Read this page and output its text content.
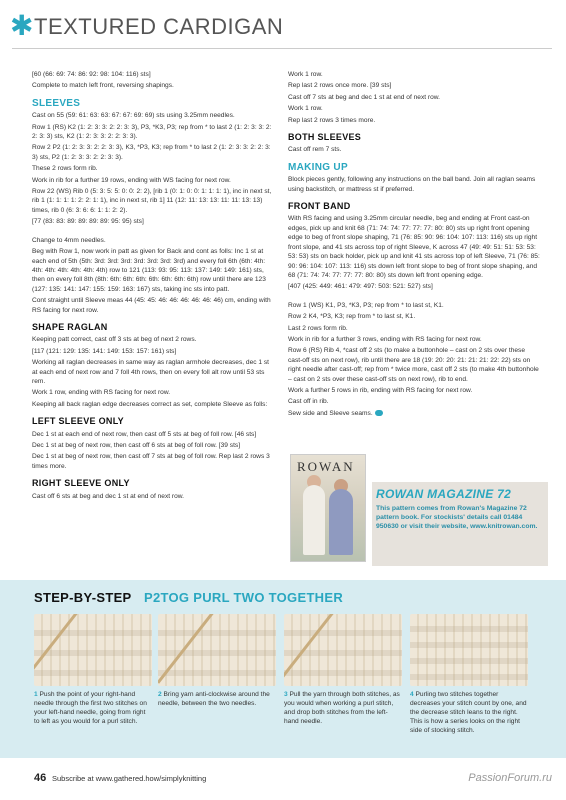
✱ TEXTURED CARDIGAN

[60 (66: 69: 74: 86: 92: 98: 104: 116) sts]

Complete to match left front, reversing shapings.

SLEEVES

Cast on 55 (59: 61: 63: 63: 67: 67: 69: 69) sts using 3.25mm needles.

Row 1 (RS) K2 (1: 2: 3: 3: 2: 2: 3: 3), P3, *K3, P3; rep from * to last 2 (1: 2: 3: 3: 2: 2: 3: 3) sts, K2 (1: 2: 3: 3: 2: 2: 3: 3).

Row 2 P2 (1: 2: 3: 3: 2: 2: 3: 3), K3, *P3, K3; rep from * to last 2 (1: 2: 3: 3: 2: 2: 3: 3) sts, P2 (1: 2: 3: 3: 2: 2: 3: 3).

These 2 rows form rib.

Work in rib for a further 19 rows, ending with WS facing for next row.

Row 22 (WS) Rib 0 (5: 3: 5: 5: 0: 0: 2: 2), [rib 1 (0: 1: 0: 0: 1: 1: 1: 1), inc in next st, rib 1 (1: 1: 1: 1: 2: 2: 1: 1), inc in next st, rib 1] 11 (12: 11: 13: 13: 11: 11: 13: 13) times, rib 0 (6: 3: 6: 6: 1: 1: 2: 2).

[77 (83: 83: 89: 89: 89: 89: 95: 95) sts]

Change to 4mm needles.

Beg with Row 1, now work in patt as given for Back and cont as folls: Inc 1 st at each end of 5th (5th: 3rd: 3rd: 3rd: 3rd: 3rd: 3rd: 3rd) and every foll 6th (6th: 4th: 4th: 4th: 4th: 4th: 4th: 4th) row to 121 (113: 93: 95: 113: 137: 149: 149: 161) sts, then on every foll 8th (8th: 6th: 6th: 6th: 6th: 6th: 6th: 6th) row until there are 123 (127: 135: 141: 147: 155: 159: 163: 167) sts, taking inc sts into patt.

Cont straight until Sleeve meas 44 (45: 45: 46: 46: 46: 46: 46: 46) cm, ending with RS facing for next row.

SHAPE RAGLAN

Keeping patt correct, cast off 3 sts at beg of next 2 rows.

[117 (121: 129: 135: 141: 149: 153: 157: 161) sts]

Working all raglan decreases in same way as raglan armhole decreases, dec 1 st at each end of next row and 7 foll 4th rows, then on every foll alt row until 53 sts rem.

Work 1 row, ending with RS facing for next row.

Keeping all back raglan edge decreases correct as set, complete Sleeve as folls:

LEFT SLEEVE ONLY

Dec 1 st at each end of next row, then cast off 5 sts at beg of foll row. [46 sts]

Dec 1 st at beg of next row, then cast off 6 sts at beg of foll row. [39 sts]

Dec 1 st at beg of next row, then cast off 7 sts at beg of foll row. Rep last 2 rows 3 times more.

RIGHT SLEEVE ONLY

Cast off 6 sts at beg and dec 1 st at end of next row.

Work 1 row.

Rep last 2 rows once more. [39 sts]

Cast off 7 sts at beg and dec 1 st at end of next row.

Work 1 row.

Rep last 2 rows 3 times more.

BOTH SLEEVES

Cast off rem 7 sts.

MAKING UP

Block pieces gently, following any instructions on the ball band. Join all raglan seams using backstitch, or mattress st if preferred.

FRONT BAND

With RS facing and using 3.25mm circular needle, beg and ending at Front cast-on edges, pick up and knit 68 (71: 74: 74: 77: 77: 77: 80: 80) sts up right front opening edge to beg of front slope shaping, 71 (76: 85: 90: 96: 104: 107: 113: 116) sts up right front slope, and 41 sts across top of right Sleeve, K across 47 (49: 49: 51: 51: 53: 53: 53: 53) sts on back holder, pick up and knit 41 sts across top of left Sleeve, 71 (76: 85: 90: 96: 104: 107: 113: 116) sts down left front slope to beg of front slope shaping, and 68 (71: 74: 74: 77: 77: 77: 80: 80) sts down left front opening edge.

[407 (425: 449: 461: 479: 497: 503: 521: 527) sts]

Row 1 (WS) K1, P3, *K3, P3; rep from * to last st, K1.

Row 2 K4, *P3, K3; rep from * to last st, K1.

Last 2 rows form rib.

Work in rib for a further 3 rows, ending with RS facing for next row.

Row 6 (RS) Rib 4, *cast off 2 sts (to make a buttonhole – cast on 2 sts over these cast-off sts on next row), rib until there are 18 (19: 20: 20: 21: 21: 21: 22: 22) sts on right needle after cast-off; rep from * twice more, cast off 2 sts (to make 4th buttonhole – cast on 2 sts over these cast-off sts on next row), rib to end.

Work a further 5 rows in rib, ending with RS facing for next row.

Cast off in rib.

Sew side and Sleeve seams.

ROWAN
ROWAN MAGAZINE 72
This pattern comes from Rowan's Magazine 72 pattern book. For stockists' details call 01484 950630 or visit their website, www.knitrowan.com.
STEP-BY-STEP P2TOG PURL TWO TOGETHER
1 Push the point of your right-hand needle through the first two stitches on your left-hand needle, going from right to left as you would for a purl stitch.
2 Bring yarn anti-clockwise around the needle, between the two needles.
3 Pull the yarn through both stitches, as you would when working a purl stitch, and drop both stitches from the left-hand needle.
4 Purling two stitches together decreases your stitch count by one, and the decrease stitch leans to the right. This is how a series looks on the right side of stocking stitch.
46 Subscribe at www.gathered.how/simplyknitting	PassionForum.ru
